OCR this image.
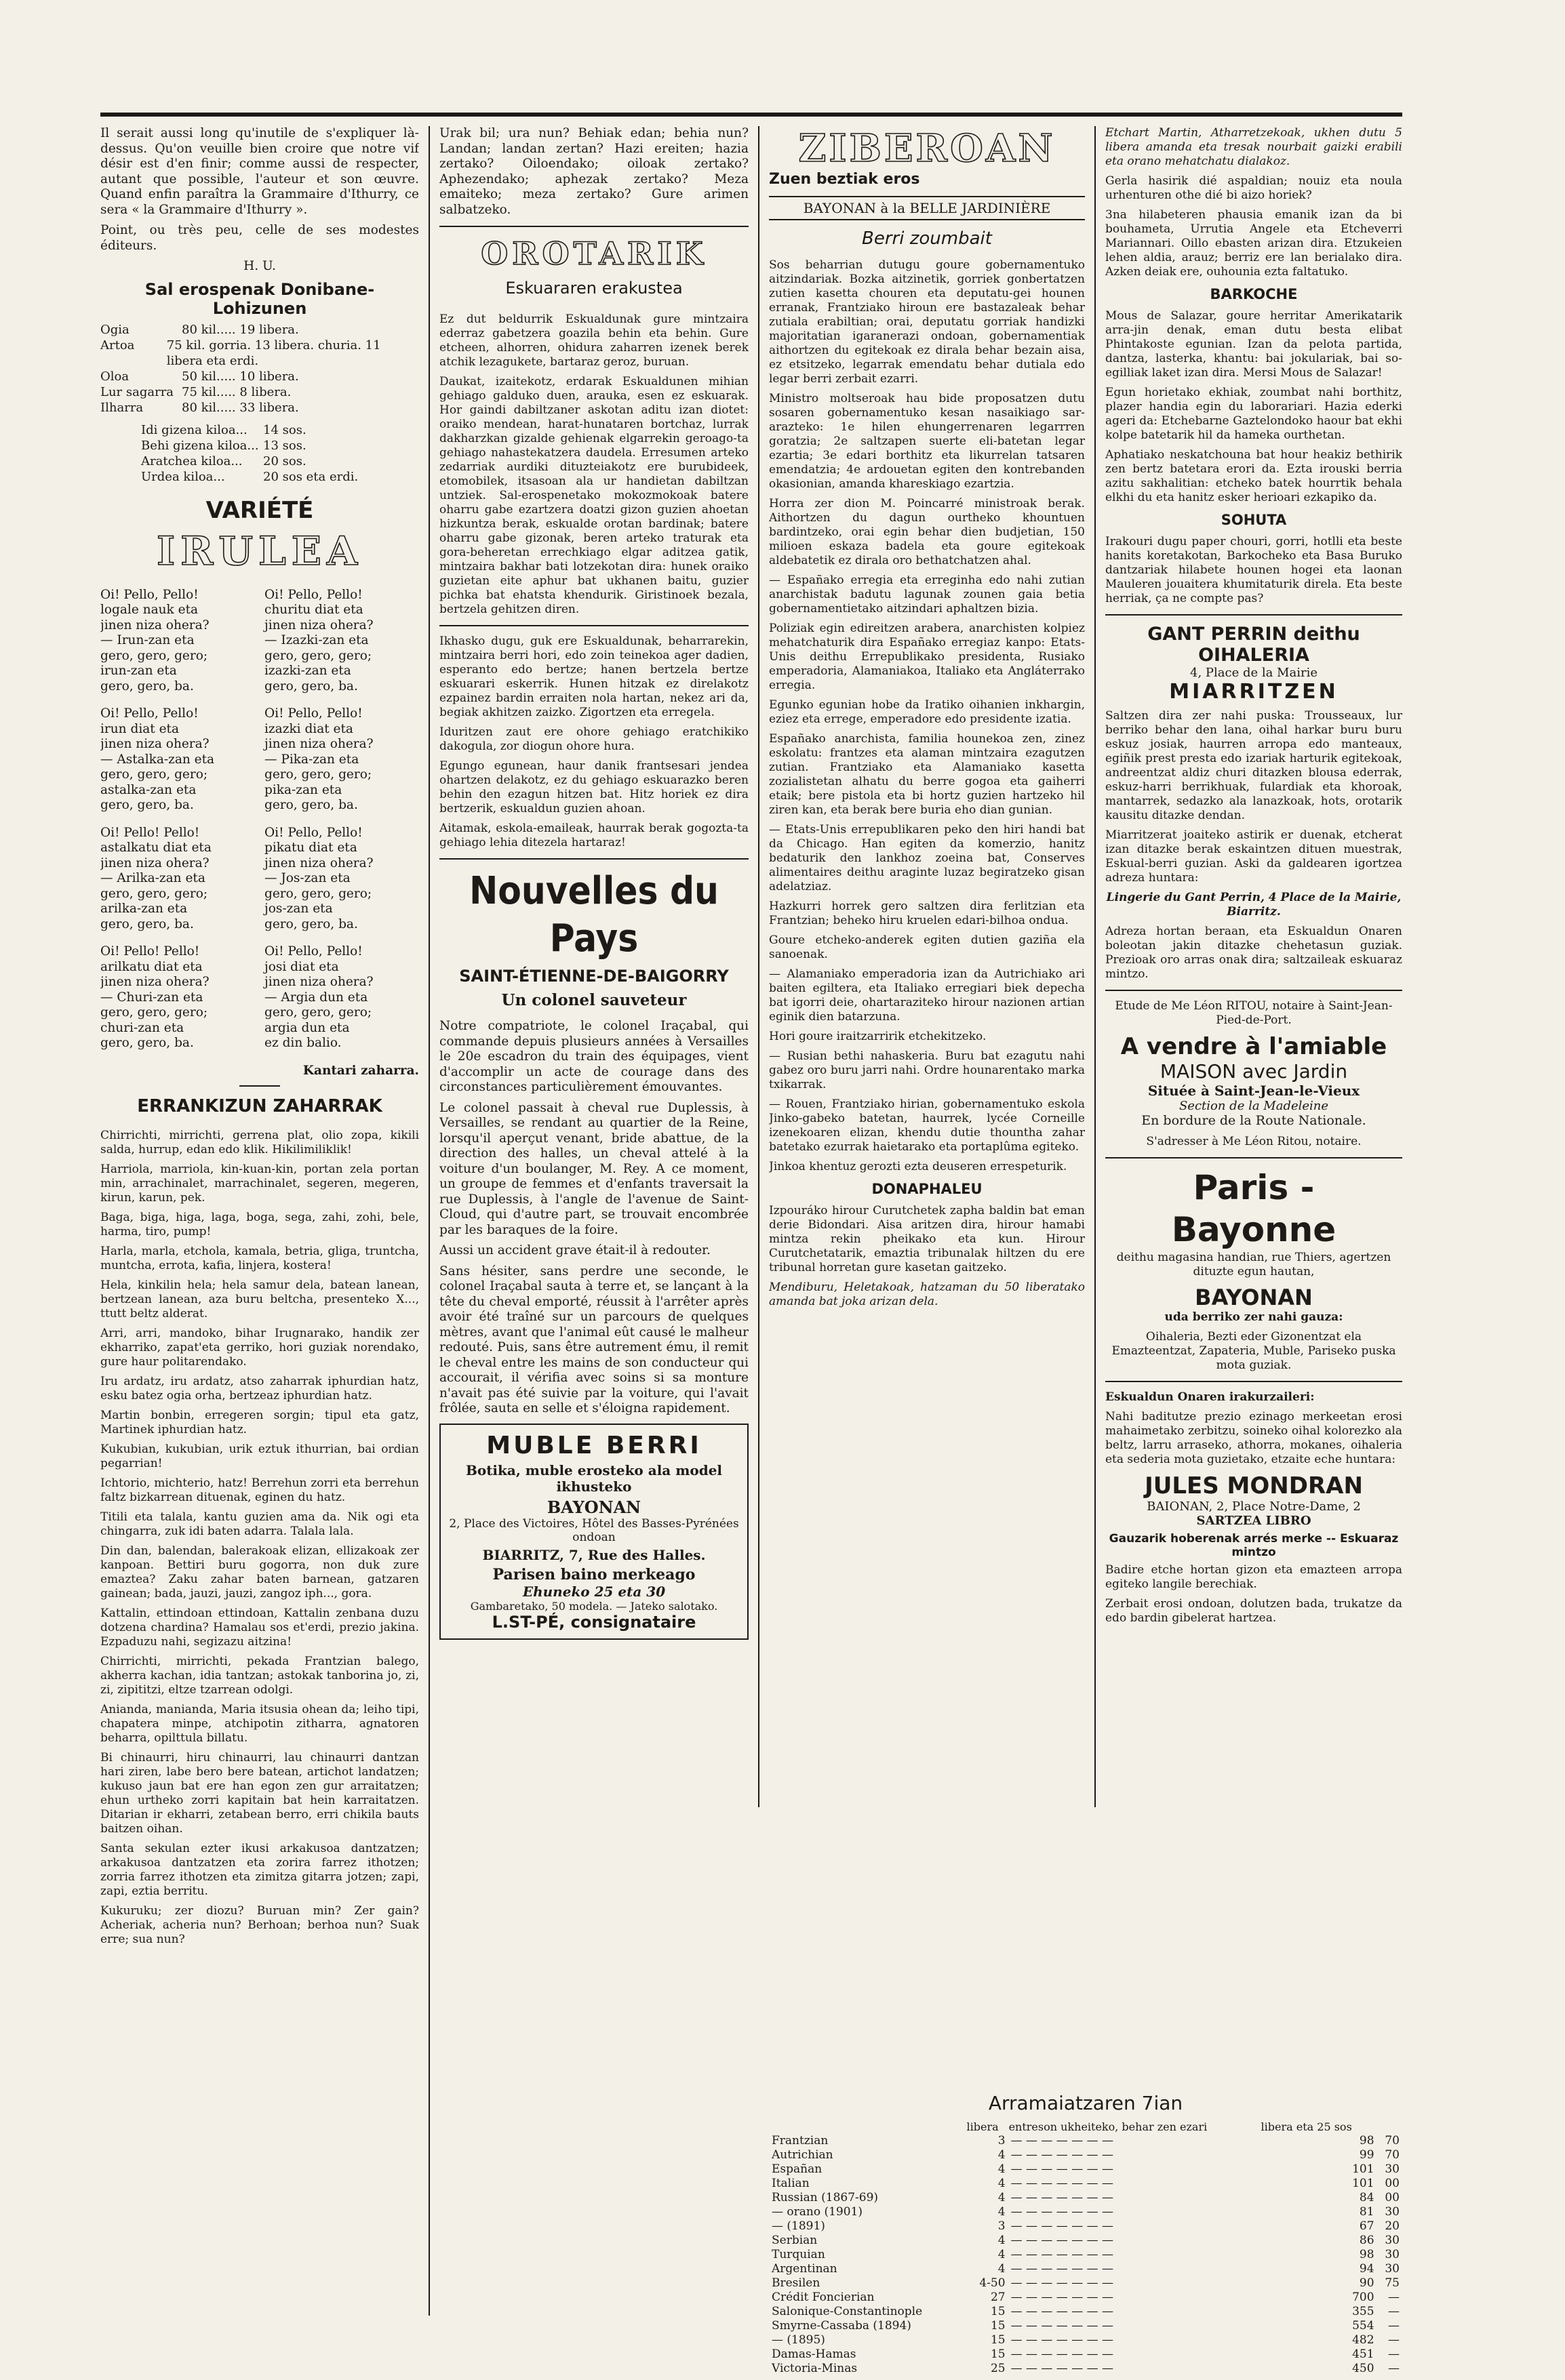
Il serait aussi long qu'inutile de s'expliquer là-dessus. Qu'on veuille bien croire que notre vif désir est d'en finir; comme aussi de respecter, autant que possible, l'auteur et son œuvre. Quand enfin paraîtra la Grammaire d'Ithurry, ce sera « la Grammaire d'Ithurry ».

Point, ou très peu, celle de ses modestes éditeurs.

H. U.

Sal erospenak Donibane-Lohizunen
Ogia	80 kil..... 19 libera.
Artoa	75 kil. gorria. 13 libera. churia. 11 libera eta erdi.
Oloa	50 kil..... 10 libera.
Lur sagarra 75 kil..... 8 libera.
Ilharra	80 kil..... 33 libera.
Idi gizena kiloa...	14 sos.
Behi gizena kiloa... 13 sos.
Aratchea kiloa...	20 sos.
Urdea kiloa...	20 sos eta erdi.
VARIÉTÉ
IRULEA
Oi! Pello, Pello!
logale nauk eta
jinen niza ohera?
— Irun-zan eta
gero, gero, gero;
irun-zan eta
gero, gero, ba.
Oi! Pello, Pello!
irun diat eta
jinen niza ohera?
— Astalka-zan eta
gero, gero, gero;
astalka-zan eta
gero, gero, ba.
Oi! Pello! Pello!
astalkatu diat eta
jinen niza ohera?
— Arilka-zan eta
gero, gero, gero;
arilka-zan eta
gero, gero, ba.
Oi! Pello! Pello!
arilkatu diat eta
jinen niza ohera?
— Churi-zan eta
gero, gero, gero;
churi-zan eta
gero, gero, ba.
Oi! Pello, Pello!
churitu diat eta
jinen niza ohera?
— Izazki-zan eta
gero, gero, gero;
izazki-zan eta
gero, gero, ba.
Oi! Pello, Pello!
izazki diat eta
jinen niza ohera?
— Pika-zan eta
gero, gero, gero;
pika-zan eta
gero, gero, ba.
Oi! Pello, Pello!
pikatu diat eta
jinen niza ohera?
— Jos-zan eta
gero, gero, gero;
jos-zan eta
gero, gero, ba.
Oi! Pello, Pello!
josi diat eta
jinen niza ohera?
— Argia dun eta
gero, gero, gero;
argia dun eta
ez din balio.

Kantari zaharra.

ERRANKIZUN ZAHARRAK

Chirrichti, mirrichti, gerrena plat, olio zopa, kikili salda, hurrup, edan edo klik. Hikilimiliklik!

Harriola, marriola, kin-kuan-kin, portan zela portan min, arrachinalet, marrachinalet, segeren, megeren, kirun, karun, pek.

Baga, biga, higa, laga, boga, sega, zahi, zohi, bele, harma, tiro, pump!

Harla, marla, etchola, kamala, betria, gliga, truntcha, muntcha, errota, kafia, linjera, kostera!

Hela, kinkilin hela; hela samur dela, batean lanean, bertzean lanean, aza buru beltcha, presenteko X..., ttutt beltz alderat.

Arri, arri, mandoko, bihar Irugnarako, handik zer ekharriko, zapat'eta gerriko, hori guziak norendako, gure haur politarendako.

Iru ardatz, iru ardatz, atso zaharrak iphurdian hatz, esku batez ogia orha, bertzeaz iphurdian hatz.

Martin bonbin, erregeren sorgin; tipul eta gatz, Martinek iphurdian hatz.

Kukubian, kukubian, urik eztuk ithurrian, bai ordian pegarrian!

Ichtorio, michterio, hatz! Berrehun zorri eta berrehun faltz bizkarrean dituenak, eginen du hatz.

Titili eta talala, kantu guzien ama da. Nik ogi eta chingarra, zuk idi baten adarra. Talala lala.

Din dan, balendan, balerakoak elizan, ellizakoak zer kanpoan. Bettiri buru gogorra, non duk zure emaztea? Zaku zahar baten barnean, gatzaren gainean; bada, jauzi, jauzi, zangoz iph..., gora.

Kattalin, ettindoan ettindoan, Kattalin zenbana duzu dotzena chardina? Hamalau sos et'erdi, prezio jakina. Ezpaduzu nahi, segizazu aitzina!

Chirrichti, mirrichti, pekada Frantzian balego, akherra kachan, idia tantzan; astokak tanborina jo, zi, zi, zipititzi, eltze tzarrean odolgi.

Anianda, manianda, Maria itsusia ohean da; leiho tipi, chapatera minpe, atchipotin zitharra, agnatoren beharra, opilttula billatu.

Bi chinaurri, hiru chinaurri, lau chinaurri dantzan hari ziren, labe bero bere batean, artichot landatzen; kukuso jaun bat ere han egon zen gur arraitatzen; ehun urtheko zorri kapitain bat hein karraitatzen. Ditarian ir ekharri, zetabean berro, erri chikila bauts baitzen oihan.

Santa sekulan ezter ikusi arkakusoa dantzatzen; arkakusoa dantzatzen eta zorira farrez ithotzen; zorria farrez ithotzen eta zimitza gitarra jotzen; zapi, zapi, eztia berritu.

Kukuruku; zer diozu? Buruan min? Zer gain? Acheriak, acheria nun? Berhoan; berhoa nun? Suak erre; sua nun?

Urak bil; ura nun? Behiak edan; behia nun? Landan; landan zertan? Hazi ereiten; hazia zertako? Oiloendako; oiloak zertako? Aphezendako; aphezak zertako? Meza emaiteko; meza zertako? Gure arimen salbatzeko.

OROTARIK
Eskuararen erakustea

Ez dut beldurrik Eskualdunak gure mintzaira ederraz gabetzera goazila behin eta behin. Gure etcheen, alhorren, ohidura zaharren izenek berek atchik lezagukete, bartaraz geroz, buruan.

Daukat, izaitekotz, erdarak Eskualdunen mihian gehiago galduko duen, arauka, esen ez eskuarak. Hor gaindi dabiltzaner askotan aditu izan diotet: oraiko mendean, harat-hunataren bortchaz, lurrak dakharzkan gizalde gehienak elgarrekin geroago-ta gehiago nahastekatzera daudela. Erresumen arteko zedarriak aurdiki dituzteiakotz ere burubideek, etomobilek, itsasoan ala ur handietan dabiltzan untziek. Sal-erospenetako mokozmokoak batere oharru gabe ezartzera doatzi gizon guzien ahoetan hizkuntza berak, eskualde orotan bardinak; batere oharru gabe gizonak, beren arteko traturak eta gora-beheretan errechkiago elgar aditzea gatik, mintzaira bakhar bati lotzekotan dira: hunek oraiko guzietan eite aphur bat ukhanen baitu, guzier pichka bat ehatsta khendurik. Giristinoek bezala, bertzela gehitzen diren.

Ikhasko dugu, guk ere Eskualdunak, beharrarekin, mintzaira berri hori, edo zoin teinekoa ager dadien, esperanto edo bertze; hanen bertzela bertze eskuarari eskerrik. Hunen hitzak ez direlakotz ezpainez bardin erraiten nola hartan, nekez ari da, begiak akhitzen zaizko. Zigortzen eta erregela.

Iduritzen zaut ere ohore gehiago eratchikiko dakogula, zor diogun ohore hura.

Egungo egunean, haur danik frantsesari jendea ohartzen delakotz, ez du gehiago eskuarazko beren behin den ezagun hitzen bat. Hitz horiek ez dira bertzerik, eskualdun guzien ahoan.

Aitamak, eskola-emaileak, haurrak berak gogozta-ta gehiago lehia ditezela hartaraz!

Nouvelles du Pays
SAINT-ÉTIENNE-DE-BAIGORRY
Un colonel sauveteur

Notre compatriote, le colonel Iraçabal, qui commande depuis plusieurs années à Versailles le 20e escadron du train des équipages, vient d'accomplir un acte de courage dans des circonstances particulièrement émouvantes.

Le colonel passait à cheval rue Duplessis, à Versailles, se rendant au quartier de la Reine, lorsqu'il aperçut venant, bride abattue, de la direction des halles, un cheval attelé à la voiture d'un boulanger, M. Rey. A ce moment, un groupe de femmes et d'enfants traversait la rue Duplessis, à l'angle de l'avenue de Saint-Cloud, qui d'autre part, se trouvait encombrée par les baraques de la foire.

Aussi un accident grave était-il à redouter.

Sans hésiter, sans perdre une seconde, le colonel Iraçabal sauta à terre et, se lançant à la tête du cheval emporté, réussit à l'arrêter après avoir été traîné sur un parcours de quelques mètres, avant que l'animal eût causé le malheur redouté. Puis, sans être autrement ému, il remit le cheval entre les mains de son conducteur qui accourait, il vérifia avec soins si sa monture n'avait pas été suivie par la voiture, qui l'avait frôlée, sauta en selle et s'éloigna rapidement.

MUBLE BERRI
Botika, muble erosteko ala model ikhusteko
BAYONAN
2, Place des Victoires, Hôtel des Basses-Pyrénées ondoan
BIARRITZ, 7, Rue des Halles.
Parisen baino merkeago
Ehuneko 25 eta 30
Gambaretako, 50 modela. — Jateko salotako.
L.ST-PÉ, consignataire
ZIBEROAN
Zuen beztiak eros
BAYONAN à la BELLE JARDINIÈRE
Berri zoumbait

Sos beharrian dutugu goure gobernamentuko aitzindariak. Bozka aitzinetik, gorriek gonbertatzen zutien kasetta chouren eta deputatu-gei hounen erranak, Frantziako hiroun ere bastazaleak behar zutiala erabiltian; orai, deputatu gorriak handizki majoritatian igaranerazi ondoan, gobernamentiak aithortzen du egitekoak ez dirala behar bezain aisa, ez etsitzeko, legarrak emendatu behar dutiala edo legar berri zerbait ezarri.

Ministro moltseroak hau bide proposatzen dutu sosaren gobernamentuko kesan nasaikiago sar-arazteko: 1e hilen ehungerrenaren legarrren goratzia; 2e saltzapen suerte eli-batetan legar ezartia; 3e edari borthitz eta likurrelan tatsaren emendatzia; 4e ardouetan egiten den kontrebanden okasionian, amanda khareskiago ezartzia.

Horra zer dion M. Poincarré ministroak berak. Aithortzen du dagun ourtheko khountuen bardintzeko, orai egin behar dien budjetian, 150 milioen eskaza badela eta goure egitekoak aldebatetik ez dirala oro bethatchatzen ahal.

— Españako erregia eta erreginha edo nahi zutian anarchistak badutu lagunak zounen gaia betia gobernamentietako aitzindari aphaltzen bizia.

Poliziak egin edireitzen arabera, anarchisten kolpiez mehatchaturik dira Españako erregiaz kanpo: Etats-Unis deithu Errepublikako presidenta, Rusiako emperadoria, Alamaniakoa, Italiako eta Angláterrako erregia.

Egunko egunian hobe da Iratiko oihanien inkhargin, eziez eta errege, emperadore edo presidente izatia.

Españako anarchista, familia hounekoa zen, zinez eskolatu: frantzes eta alaman mintzaira ezagutzen zutian. Frantziako eta Alamaniako kasetta zozialistetan alhatu du berre gogoa eta gaiherri etaik; bere pistola eta bi hortz guzien hartzeko hil ziren kan, eta berak bere buria eho dian gunian.

— Etats-Unis errepublikaren peko den hiri handi bat da Chicago. Han egiten da komerzio, hanitz bedaturik den lankhoz zoeina bat, Conserves alimentaires deithu araginte luzaz begiratzeko gisan adelatziaz.

Hazkurri horrek gero saltzen dira ferlitzian eta Frantzian; beheko hiru kruelen edari-bilhoa ondua.

Goure etcheko-anderek egiten dutien gaziña ela sanoenak.

— Alamaniako emperadoria izan da Autrichiako ari baiten egiltera, eta Italiako erregiari biek depecha bat igorri deie, ohartaraziteko hirour nazionen artian eginik dien batarzuna.

Hori goure iraitzarririk etchekitzeko.

— Rusian bethi nahaskeria. Buru bat ezagutu nahi gabez oro buru jarri nahi. Ordre hounarentako marka txikarrak.

— Rouen, Frantziako hirian, gobernamentuko eskola Jinko-gabeko batetan, haurrek, lycée Corneille izenekoaren elizan, khendu dutie thountha zahar batetako ezurrak haietarako eta portaplûma egiteko.

Jinkoa khentuz gerozti ezta deuseren errespeturik.

DONAPHALEU

Izpouráko hirour Curutchetek zapha baldin bat eman derie Bidondari. Aisa aritzen dira, hirour hamabi mintza rekin pheikako eta kun. Hirour Curutchetatarik, emaztia tribunalak hiltzen du ere tribunal horretan gure kasetan gaitzeko.

Mendiburu, Heletakoak, hatzaman du 50 liberatako amanda bat joka arizan dela.

Etchart Martin, Atharretzekoak, ukhen dutu 5 libera amanda eta tresak nourbait gaizki erabili eta orano mehatchatu dialakoz.

Gerla hasirik dié aspaldian; nouiz eta noula urhenturen othe dié bi aizo horiek?

3na hilabeteren phausia emanik izan da bi bouhameta, Urrutia Angele eta Etcheverri Mariannari. Oillo ebasten arizan dira. Etzukeien lehen aldia, arauz; berriz ere lan berialako dira. Azken deiak ere, ouhounia ezta faltatuko.

BARKOCHE

Mous de Salazar, goure herritar Amerikatarik arra-jin denak, eman dutu besta elibat Phintakoste egunian. Izan da pelota partida, dantza, lasterka, khantu: bai jokulariak, bai so-egilliak laket izan dira. Mersi Mous de Salazar!

Egun horietako ekhiak, zoumbat nahi borthitz, plazer handia egin du laborariari. Hazia ederki ageri da: Etchebarne Gaztelondoko haour bat ekhi kolpe batetarik hil da hameka ourthetan.

Aphatiako neskatchouna bat hour heakiz bethirik zen bertz batetara erori da. Ezta irouski berria azitu sakhalitian: etcheko batek hourrtik behala elkhi du eta hanitz esker herioari ezkapiko da.

SOHUTA

Irakouri dugu paper chouri, gorri, hotlli eta beste hanits koretakotan, Barkocheko eta Basa Buruko dantzariak hilabete hounen hogei eta laonan Mauleren jouaitera khumitaturik direla. Eta beste herriak, ça ne compte pas?

GANT PERRIN deithu OIHALERIA
4, Place de la Mairie
MIARRITZEN

Saltzen dira zer nahi puska: Trousseaux, lur berriko behar den lana, oihal harkar buru buru eskuz josiak, haurren arropa edo manteaux, egiñik prest presta edo izariak harturik egitekoak, andreentzat aldiz churi ditazken blousa ederrak, eskuz-harri berrikhuak, fulardiak eta khoroak, mantarrek, sedazko ala lanazkoak, hots, orotarik kausitu ditazke dendan.

Miarritzerat joaiteko astirik er duenak, etcherat izan ditazke berak eskaintzen dituen muestrak, Eskual-berri guzian. Aski da galdearen igortzea adreza huntara:

Lingerie du Gant Perrin, 4 Place de la Mairie, Biarritz.

Adreza hortan beraan, eta Eskualdun Onaren boleotan jakin ditazke chehetasun guziak. Prezioak oro arras onak dira; saltzaileak eskuaraz mintzo.

Etude de Me Léon RITOU, notaire à Saint-Jean-Pied-de-Port.

A vendre à l'amiable
MAISON avec Jardin
Située à Saint-Jean-le-Vieux
Section de la Madeleine
En bordure de la Route Nationale.

S'adresser à Me Léon Ritou, notaire.

Paris - Bayonne

deithu magasina handian, rue Thiers, agertzen dituzte egun hautan,

BAYONAN

uda berriko zer nahi gauza:

Oihaleria, Bezti eder Gizonentzat ela Emazteentzat, Zapateria, Muble, Pariseko puska mota guziak.

Eskualdun Onaren irakurzaileri:

Nahi baditutze prezio ezinago merkeetan erosi mahaimetako zerbitzu, soineko oihal kolorezko ala beltz, larru arraseko, athorra, mokanes, oihaleria eta sederia mota guzietako, etzaite eche huntara:

JULES MONDRAN
BAIONAN, 2, Place Notre-Dame, 2
SARTZEA LIBRO
Gauzarik hoberenak arrés merke -- Eskuaraz mintzo

Badire etche hortan gizon eta emazteen arropa egiteko langile berechiak.

Zerbait erosi ondoan, dolutzen bada, trukatze da edo bardin gibelerat hartzea.

Arramaiatzaren 7ian
	libera	entreson ukheiteko, behar zen ezari	libera eta 25 sos	
Frantzian	3	— — — — — — —	98	70
Autrichian	4	— — — — — — —	99	70
Españan	4	— — — — — — —	101	30
Italian	4	— — — — — — —	101	00
Russian (1867-69)	4	— — — — — — —	84	00
— orano (1901)	4	— — — — — — —	81	30
— (1891)	3	— — — — — — —	67	20
Serbian	4	— — — — — — —	86	30
Turquian	4	— — — — — — —	98	30
Argentinan	4	— — — — — — —	94	30
Bresilen	4-50	— — — — — — —	90	75
Crédit Foncierian	27	— — — — — — —	700	—
Salonique-Constantinople	15	— — — — — — —	355	—
Smyrne-Cassaba (1894)	15	— — — — — — —	554	—
— (1895)	15	— — — — — — —	482	—
Damas-Hamas	15	— — — — — — —	451	—
Victoria-Minas	25	— — — — — — —	450	—
